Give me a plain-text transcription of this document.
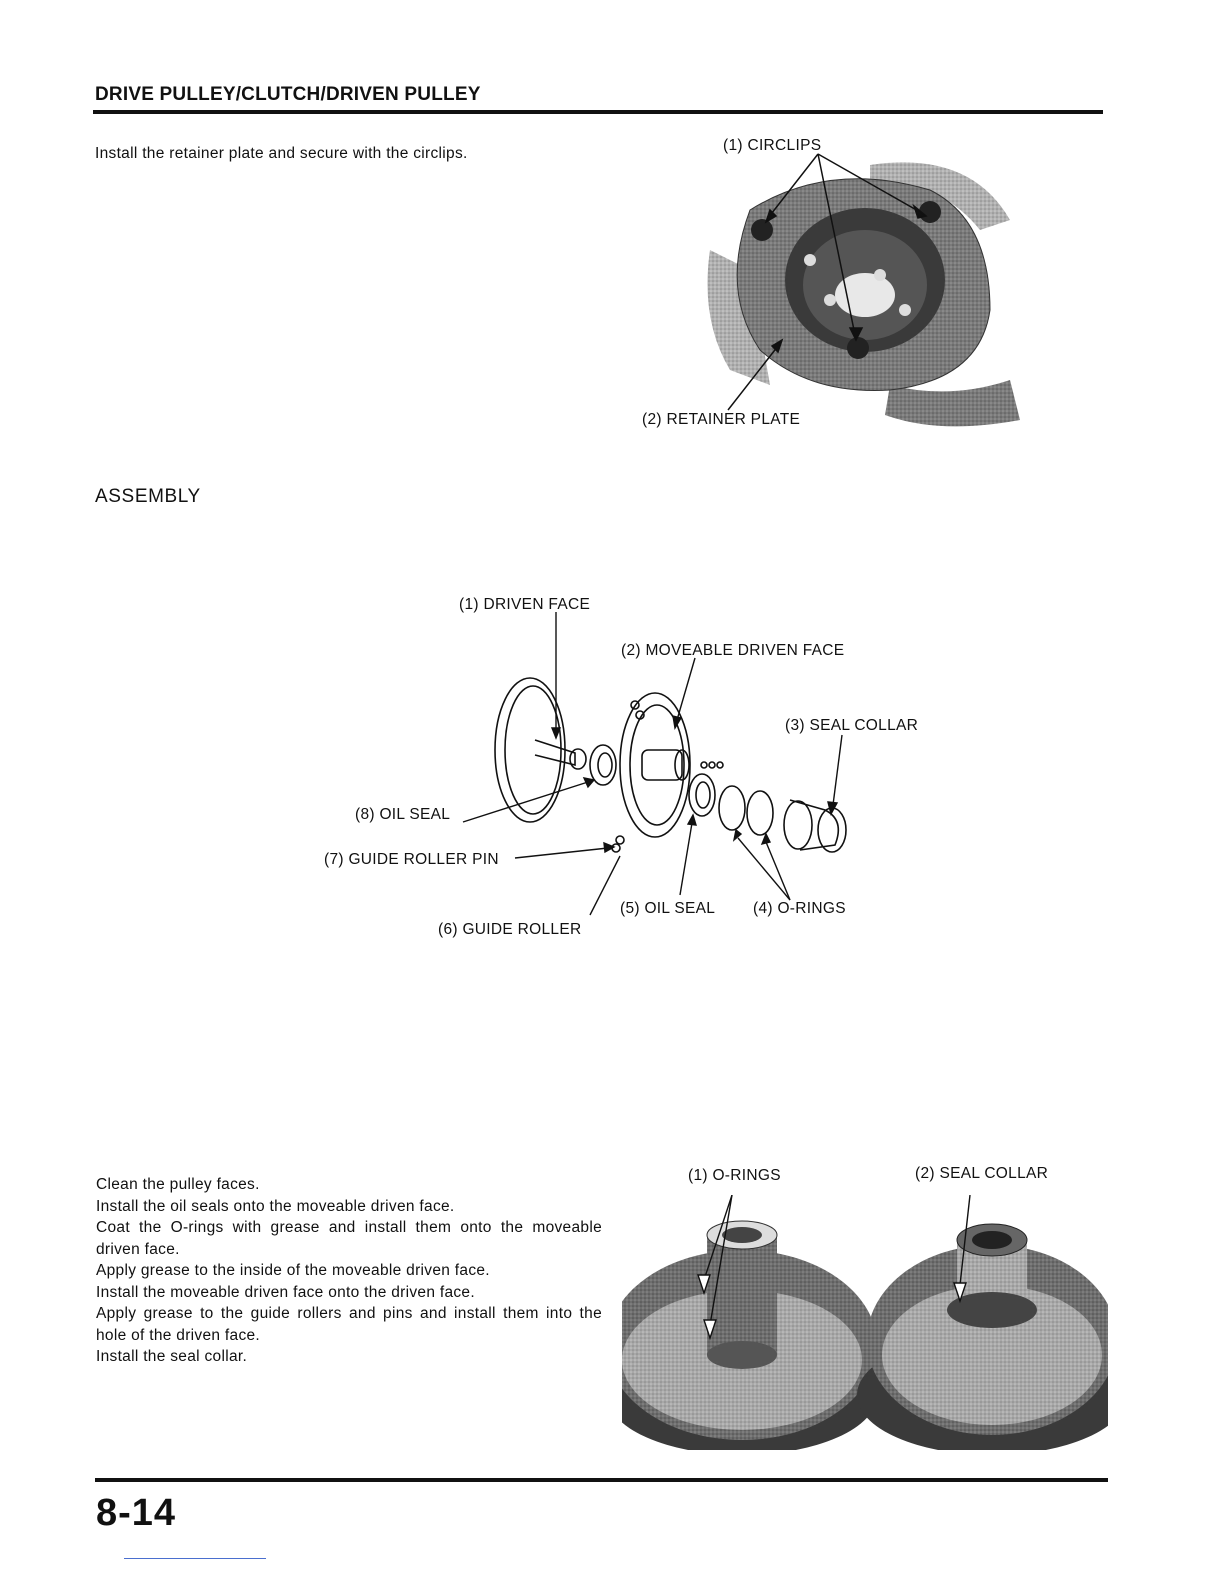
DRIVE PULLEY/CLUTCH/DRIVEN PULLEY
Install the retainer plate and secure with the circlips.	(1) CIRCLIPS
(2) RETAINER PLATE
ASSEMBLY
(1) DRIVEN FACE
(2) MOVEABLE DRIVEN FACE
(3) SEAL COLLAR
(4) O-RINGS
(5) OIL SEAL
(6) GUIDE ROLLER
(7) GUIDE ROLLER PIN
(8) OIL SEAL

Clean the pulley faces.

Install the oil seals onto the moveable driven face.

Coat the O-rings with grease and install them onto the moveable driven face.

Apply grease to the inside of the moveable driven face.

Install the moveable driven face onto the driven face.

Apply grease to the guide rollers and pins and install them into the hole of the driven face.

Install the seal collar.

(1) O-RINGS	(2) SEAL COLLAR
8-14
